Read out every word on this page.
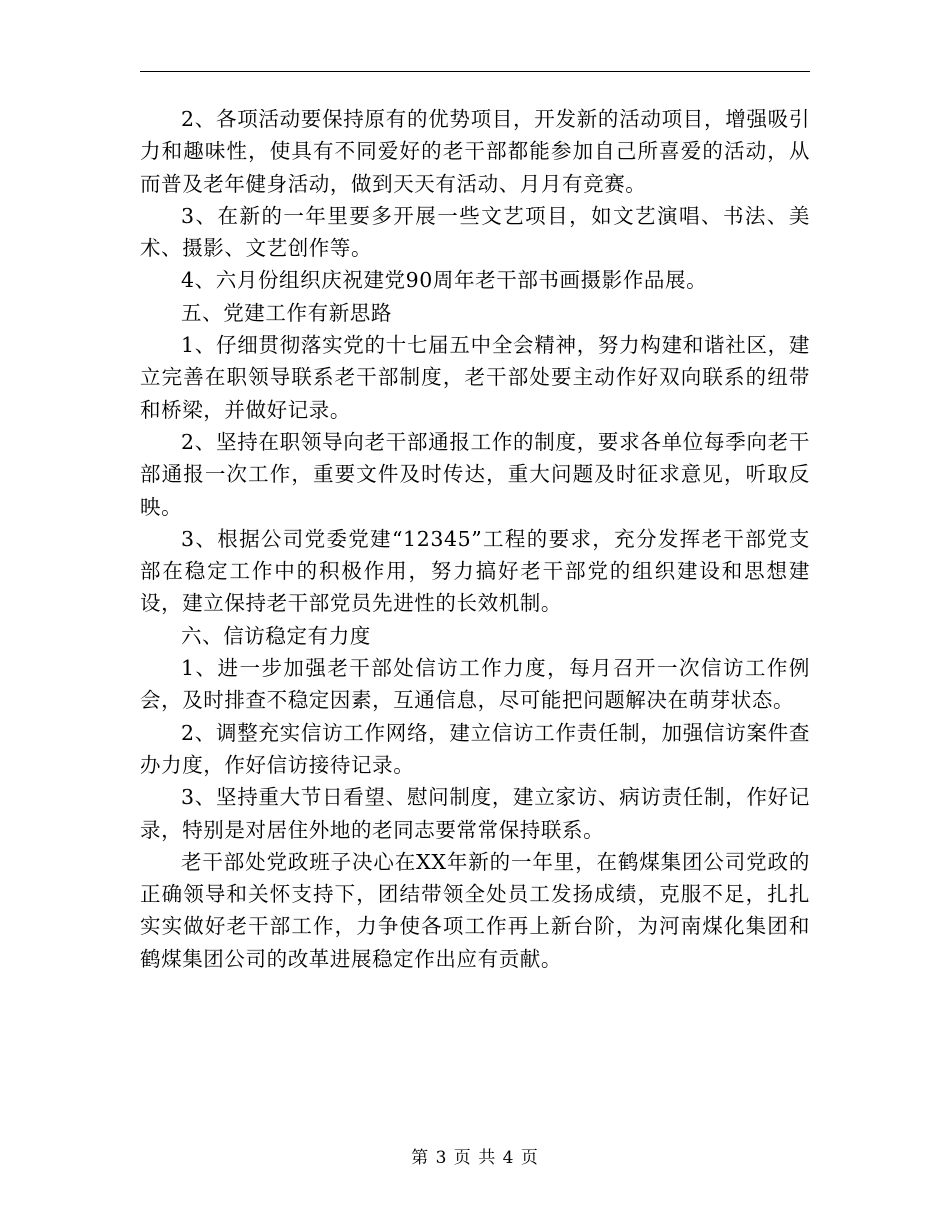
2、各项活动要保持原有的优势项目，开发新的活动项目，增强吸引力和趣味性，使具有不同爱好的老干部都能参加自己所喜爱的活动，从而普及老年健身活动，做到天天有活动、月月有竞赛。

3、在新的一年里要多开展一些文艺项目，如文艺演唱、书法、美术、摄影、文艺创作等。

4、六月份组织庆祝建党90周年老干部书画摄影作品展。

五、党建工作有新思路

1、仔细贯彻落实党的十七届五中全会精神，努力构建和谐社区，建立完善在职领导联系老干部制度，老干部处要主动作好双向联系的纽带和桥梁，并做好记录。

2、坚持在职领导向老干部通报工作的制度，要求各单位每季向老干部通报一次工作，重要文件及时传达，重大问题及时征求意见，听取反映。

3、根据公司党委党建“12345”工程的要求，充分发挥老干部党支部在稳定工作中的积极作用，努力搞好老干部党的组织建设和思想建设，建立保持老干部党员先进性的长效机制。

六、信访稳定有力度

1、进一步加强老干部处信访工作力度，每月召开一次信访工作例会，及时排查不稳定因素，互通信息，尽可能把问题解决在萌芽状态。

2、调整充实信访工作网络，建立信访工作责任制，加强信访案件查办力度，作好信访接待记录。

3、坚持重大节日看望、慰问制度，建立家访、病访责任制，作好记录，特别是对居住外地的老同志要常常保持联系。

老干部处党政班子决心在XX年新的一年里，在鹤煤集团公司党政的正确领导和关怀支持下，团结带领全处员工发扬成绩，克服不足，扎扎实实做好老干部工作，力争使各项工作再上新台阶，为河南煤化集团和鹤煤集团公司的改革进展稳定作出应有贡献。

第 3 页 共 4 页
